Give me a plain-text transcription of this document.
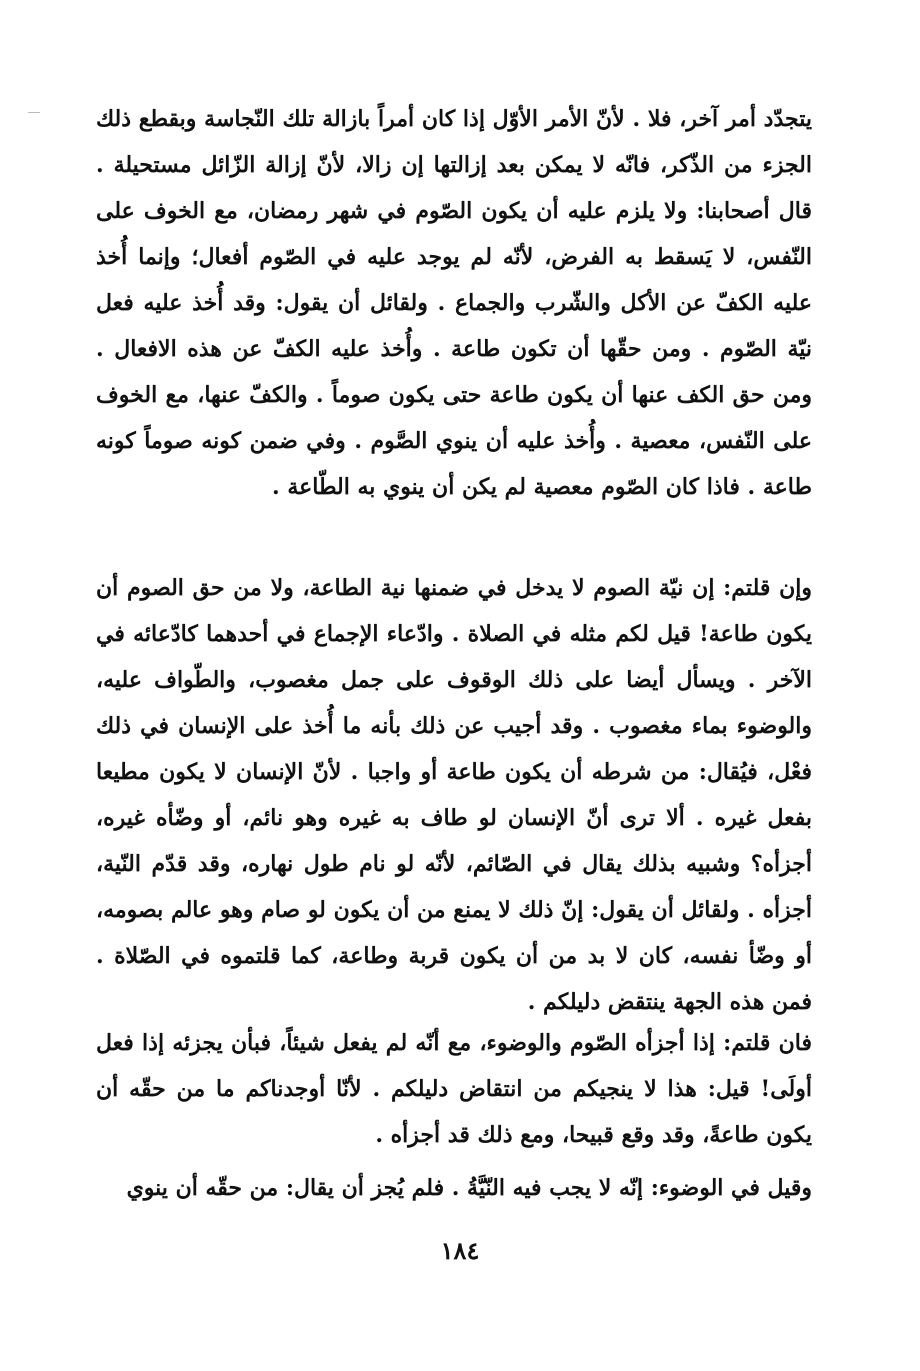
يتجدّد أمر آخر، فلا . لأنّ الأمر الأوّل إذا كان أمراً بازالة تلك النّجاسة وبقطع ذلك الجزء من الذّكر، فانّه لا يمكن بعد إزالتها إن زالا، لأنّ إزالة الزّائل مستحيلة . قال أصحابنا: ولا يلزم عليه أن يكون الصّوم في شهر رمضان، مع الخوف على النّفس، لا يَسقط به الفرض، لأنّه لم يوجد عليه في الصّوم أفعال؛ وإنما أُخذ عليه الكفّ عن الأكل والشّرب والجماع . ولقائل أن يقول: وقد أُخذ عليه فعل نيّة الصّوم . ومن حقّها أن تكون طاعة . وأُخذ عليه الكفّ عن هذه الافعال . ومن حق الكف عنها أن يكون طاعة حتى يكون صوماً . والكفّ عنها، مع الخوف على النّفس، معصية . وأُخذ عليه أن ينوي الصَّوم . وفي ضمن كونه صوماً كونه طاعة . فاذا كان الصّوم معصية لم يكن أن ينوي به الطّاعة .

وإن قلتم: إن نيّة الصوم لا يدخل في ضمنها نية الطاعة، ولا من حق الصوم أن يكون طاعة! قيل لكم مثله في الصلاة . وادّعاء الإجماع في أحدهما كادّعائه في الآخر . ويسأل أيضا على ذلك الوقوف على جمل مغصوب، والطّواف عليه، والوضوء بماء مغصوب . وقد أجيب عن ذلك بأنه ما أُخذ على الإنسان في ذلك فعْل، فيُقال: من شرطه أن يكون طاعة أو واجبا . لأنّ الإنسان لا يكون مطيعا بفعل غيره . ألا ترى أنّ الإنسان لو طاف به غيره وهو نائم، أو وضّأه غيره، أجزأه؟ وشبيه بذلك يقال في الصّائم، لأنّه لو نام طول نهاره، وقد قدّم النّية، أجزأه . ولقائل أن يقول: إنّ ذلك لا يمنع من أن يكون لو صام وهو عالم بصومه، أو وضّأ نفسه، كان لا بد من أن يكون قربة وطاعة، كما قلتموه في الصّلاة . فمن هذه الجهة ينتقض دليلكم .

فان قلتم: إذا أجزأه الصّوم والوضوء، مع أنّه لم يفعل شيئاً، فبأن يجزئه إذا فعل أولَى! قيل: هذا لا ينجيكم من انتقاض دليلكم . لأنّا أوجدناكم ما من حقّه أن يكون طاعةً، وقد وقع قبيحا، ومع ذلك قد أجزأه .

وقيل في الوضوء: إنّه لا يجب فيه النّيَّةُ . فلم يُجز أن يقال: من حقّه أن ينوي

١٨٤
